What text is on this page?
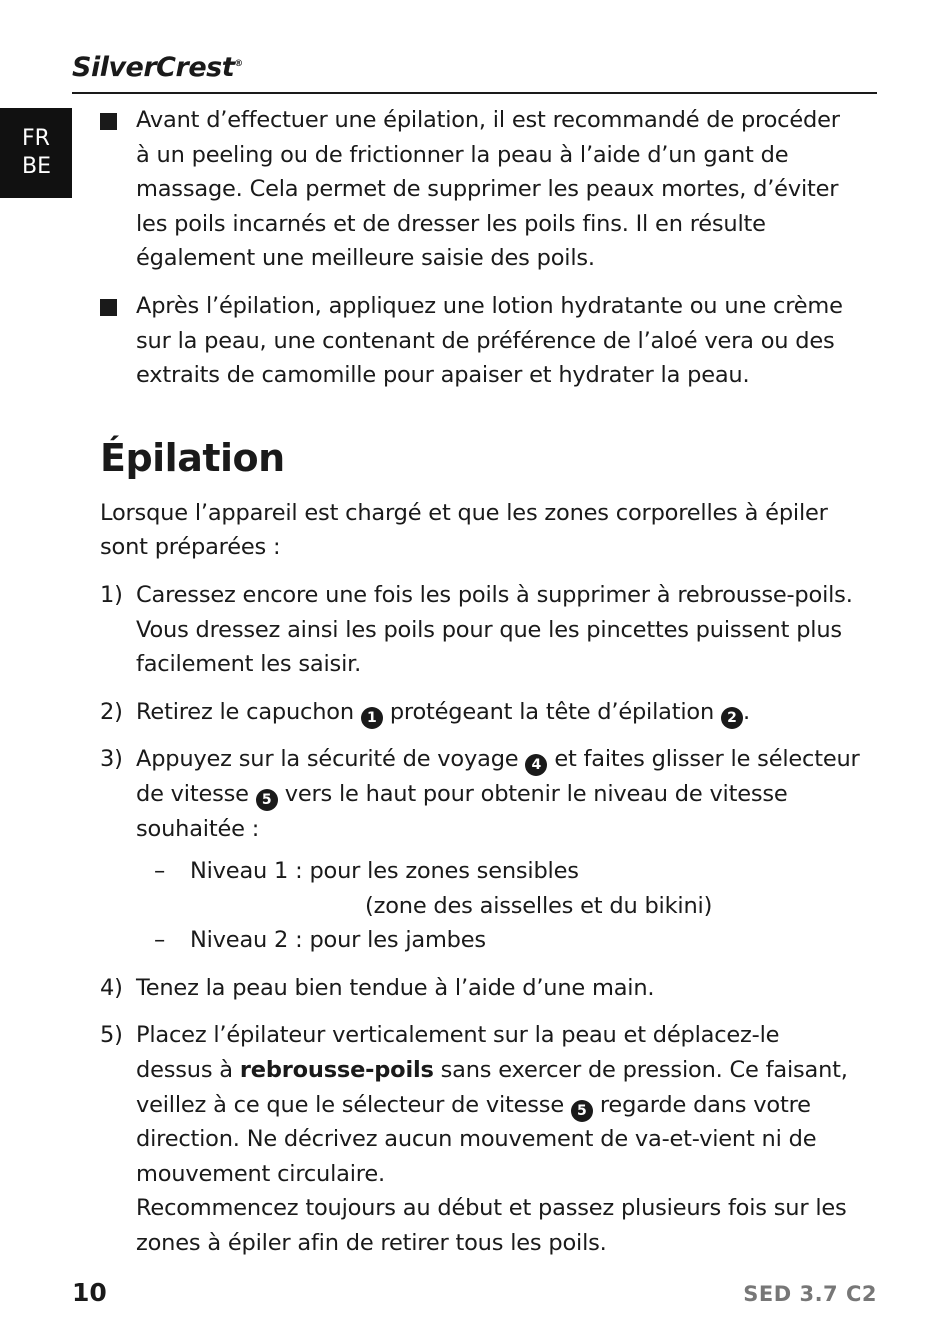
SilverCrest®
FR
BE
Avant d’effectuer une épilation, il est recommandé de procéder à un peeling ou de frictionner la peau à l’aide d’un gant de massage. Cela permet de supprimer les peaux mortes, d’éviter les poils incarnés et de dresser les poils fins. Il en résulte également une meilleure saisie des poils.
Après l’épilation, appliquez une lotion hydratante ou une crème sur la peau, une contenant de préférence de l’aloé vera ou des extraits de camomille pour apaiser et hydrater la peau.
Épilation
Lorsque l’appareil est chargé et que les zones corporelles à épiler sont préparées :
1) Caressez encore une fois les poils à supprimer à rebrousse-poils. Vous dressez ainsi les poils pour que les pincettes puissent plus facilement les saisir.
2) Retirez le capuchon 1 protégeant la tête d’épilation 2 .
3) Appuyez sur la sécurité de voyage 4 et faites glisser le sélecteur de vitesse 5 vers le haut pour obtenir le niveau de vitesse souhaitée :
– Niveau 1 : pour les zones sensibles
(zone des aisselles et du bikini)
– Niveau 2 : pour les jambes
4) Tenez la peau bien tendue à l’aide d’une main.
5) Placez l’épilateur verticalement sur la peau et déplacez-le dessus à rebrousse-poils sans exercer de pression. Ce faisant, veillez à ce que le sélecteur de vitesse 5 regarde dans votre direction. Ne décrivez aucun mouvement de va-et-vient ni de mouvement circulaire.
Recommencez toujours au début et passez plusieurs fois sur les zones à épiler afin de retirer tous les poils.
10	SED 3.7 C2
